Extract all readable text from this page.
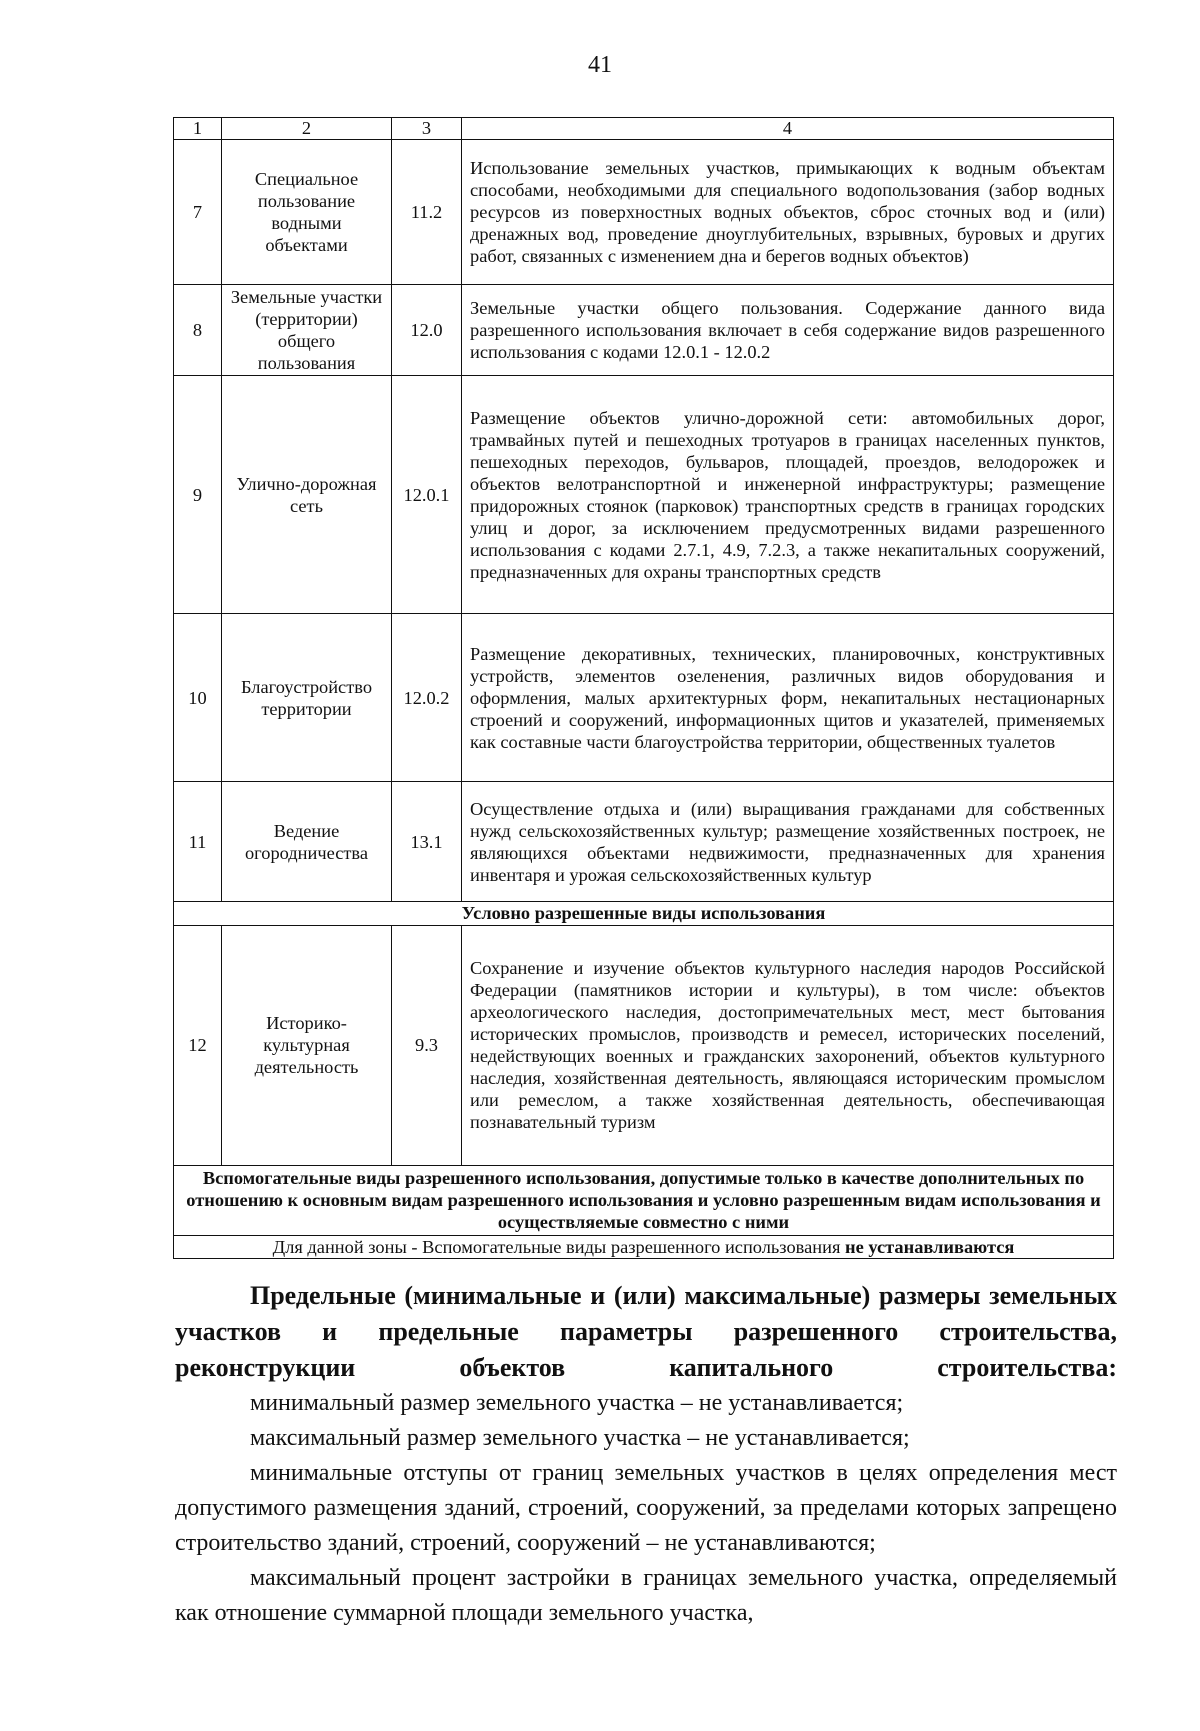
41
1	2	3	4
7	Специальное пользование водными объектами	11.2	Использование земельных участков, примыкающих к водным объектам способами, необходимыми для специального водопользования (забор водных ресурсов из поверхностных водных объектов, сброс сточных вод и (или) дренажных вод, проведение дноуглубительных, взрывных, буровых и других работ, связанных с изменением дна и берегов водных объектов)
8	Земельные участки (территории) общего пользования	12.0	Земельные участки общего пользования. Содержание данного вида разрешенного использования включает в себя содержание видов разрешенного использования с кодами 12.0.1 - 12.0.2
9	Улично-дорожная сеть	12.0.1	Размещение объектов улично-дорожной сети: автомобильных дорог, трамвайных путей и пешеходных тротуаров в границах населенных пунктов, пешеходных переходов, бульваров, площадей, проездов, велодорожек и объектов велотранспортной и инженерной инфраструктуры; размещение придорожных стоянок (парковок) транспортных средств в границах городских улиц и дорог, за исключением предусмотренных видами разрешенного использования с кодами 2.7.1, 4.9, 7.2.3, а также некапитальных сооружений, предназначенных для охраны транспортных средств
10	Благоустройство территории	12.0.2	Размещение декоративных, технических, планировочных, конструктивных устройств, элементов озеленения, различных видов оборудования и оформления, малых архитектурных форм, некапитальных нестационарных строений и сооружений, информационных щитов и указателей, применяемых как составные части благоустройства территории, общественных туалетов
11	Ведение огородничества	13.1	Осуществление отдыха и (или) выращивания гражданами для собственных нужд сельскохозяйственных культур; размещение хозяйственных построек, не являющихся объектами недвижимости, предназначенных для хранения инвентаря и урожая сельскохозяйственных культур
Условно разрешенные виды использования			
12	Историко-культурная деятельность	9.3	Сохранение и изучение объектов культурного наследия народов Российской Федерации (памятников истории и культуры), в том числе: объектов археологического наследия, достопримечательных мест, мест бытования исторических промыслов, производств и ремесел, исторических поселений, недействующих военных и гражданских захоронений, объектов культурного наследия, хозяйственная деятельность, являющаяся историческим промыслом или ремеслом, а также хозяйственная деятельность, обеспечивающая познавательный туризм
Вспомогательные виды разрешенного использования, допустимые только в качестве дополнительных по отношению к основным видам разрешенного использования и условно разрешенным видам использования и осуществляемые совместно с ними			
Для данной зоны - Вспомогательные виды разрешенного использования не устанавливаются			

Предельные (минимальные и (или) максимальные) размеры земельных участков и предельные параметры разрешенного строительства, реконструкции объектов капитального строительства:

минимальный размер земельного участка – не устанавливается;

максимальный размер земельного участка – не устанавливается;

минимальные отступы от границ земельных участков в целях определения мест допустимого размещения зданий, строений, сооружений, за пределами которых запрещено строительство зданий, строений, сооружений – не устанавливаются;

максимальный процент застройки в границах земельного участка, определяемый как отношение суммарной площади земельного участка,
